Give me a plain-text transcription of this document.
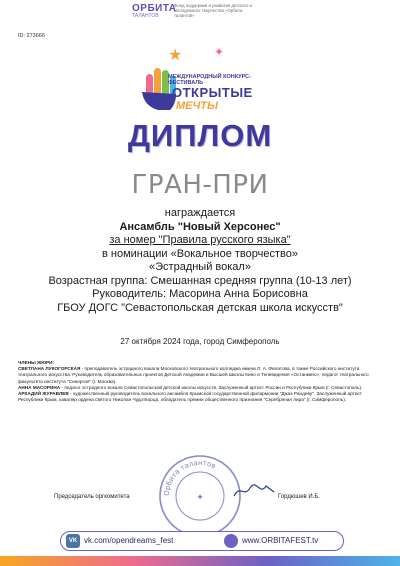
ОРБИТА
ТАЛАНТОВ
Фонд поддержки и развития детского и молодежного творчества «Орбита талантов»
ID: 273666
★	✦
МЕЖДУНАРОДНЫЙ КОНКУРС-ФЕСТИВАЛЬ
ОТКРЫТЫЕ
МЕЧТЫ
ДИПЛОМ
ГРАН-ПРИ
награждается
Ансамбль "Новый Херсонес"
за номер "Правила русского языка"
в номинации «Вокальное творчество»
«Эстрадный вокал»
Возрастная группа: Смешанная средняя группа (10-13 лет)
Руководитель: Масорина Анна Борисовна
ГБОУ ДОГС "Севастопольская детская школа искусств"
27 октября 2024 года, город Симферополь
ЧЛЕНЫ ЖЮРИ:
СВЕТЛАНА ЛУКОГОРСКАЯ - преподаватель эстрадного вокала Московского театрального колледжа имени Л. А. Филатова, в также Российского института театрального искусства. Руководитель образовательных проектов Детской Академии и Высшей Школы Кино и Телевидения «Останкино», педагог театрального факультета института "Синергия" (г. Москва).
АННА МАСОРИНА - педагог эстрадного вокала Севастопольской детской школы искусств. Заслуженный артист России и Республики Крым (г. Севастополь).
АРКАДИЙ ЖУРАВЛЕВ - художественный руководитель вокального ансамбля Крымской государственной филармонии "Джаз-Рандеву". Заслуженный артист Республики Крым, кавалер ордена святого Николая Чудотворца, обладатель премии общественного признания "Серебряная лира" (г. Симферополь).
Председатель оргкомитета
Орбита талантов
✦	Гордюшев И.Б.
VK vk.com/opendreams_fest	www.ORBITAFEST.tv
